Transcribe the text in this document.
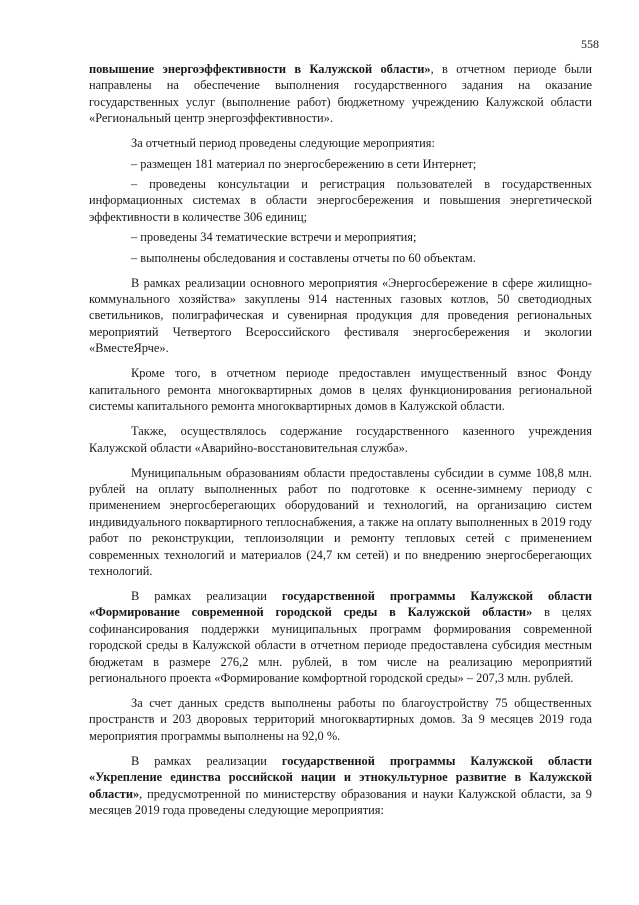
558

повышение энергоэффективности в Калужской области», в отчетном периоде были направлены на обеспечение выполнения государственного задания на оказание государственных услуг (выполнение работ) бюджетному учреждению Калужской области «Региональный центр энергоэффективности».

За отчетный период проведены следующие мероприятия:

– размещен 181 материал по энергосбережению в сети Интернет;

– проведены консультации и регистрация пользователей в государственных информационных системах в области энергосбережения и повышения энергетической эффективности в количестве 306 единиц;

– проведены 34 тематические встречи и мероприятия;

– выполнены обследования и составлены отчеты по 60 объектам.

В рамках реализации основного мероприятия «Энергосбережение в сфере жилищно-коммунального хозяйства» закуплены 914 настенных газовых котлов, 50 светодиодных светильников, полиграфическая и сувенирная продукция для проведения региональных мероприятий Четвертого Всероссийского фестиваля энергосбережения и экологии «ВместеЯрче».

Кроме того, в отчетном периоде предоставлен имущественный взнос Фонду капитального ремонта многоквартирных домов в целях функционирования региональной системы капитального ремонта многоквартирных домов в Калужской области.

Также, осуществлялось содержание государственного казенного учреждения Калужской области «Аварийно-восстановительная служба».

Муниципальным образованиям области предоставлены субсидии в сумме 108,8 млн. рублей на оплату выполненных работ по подготовке к осенне-зимнему периоду с применением энергосберегающих оборудований и технологий, на организацию систем индивидуального поквартирного теплоснабжения, а также на оплату выполненных в 2019 году работ по реконструкции, теплоизоляции и ремонту тепловых сетей с применением современных технологий и материалов (24,7 км сетей) и по внедрению энергосберегающих технологий.

В рамках реализации государственной программы Калужской области «Формирование современной городской среды в Калужской области» в целях софинансирования поддержки муниципальных программ формирования современной городской среды в Калужской области в отчетном периоде предоставлена субсидия местным бюджетам в размере 276,2 млн. рублей, в том числе на реализацию мероприятий регионального проекта «Формирование комфортной городской среды» – 207,3 млн. рублей.

За счет данных средств выполнены работы по благоустройству 75 общественных пространств и 203 дворовых территорий многоквартирных домов. За 9 месяцев 2019 года мероприятия программы выполнены на 92,0 %.

В рамках реализации государственной программы Калужской области «Укрепление единства российской нации и этнокультурное развитие в Калужской области», предусмотренной по министерству образования и науки Калужской области, за 9 месяцев 2019 года проведены следующие мероприятия:
